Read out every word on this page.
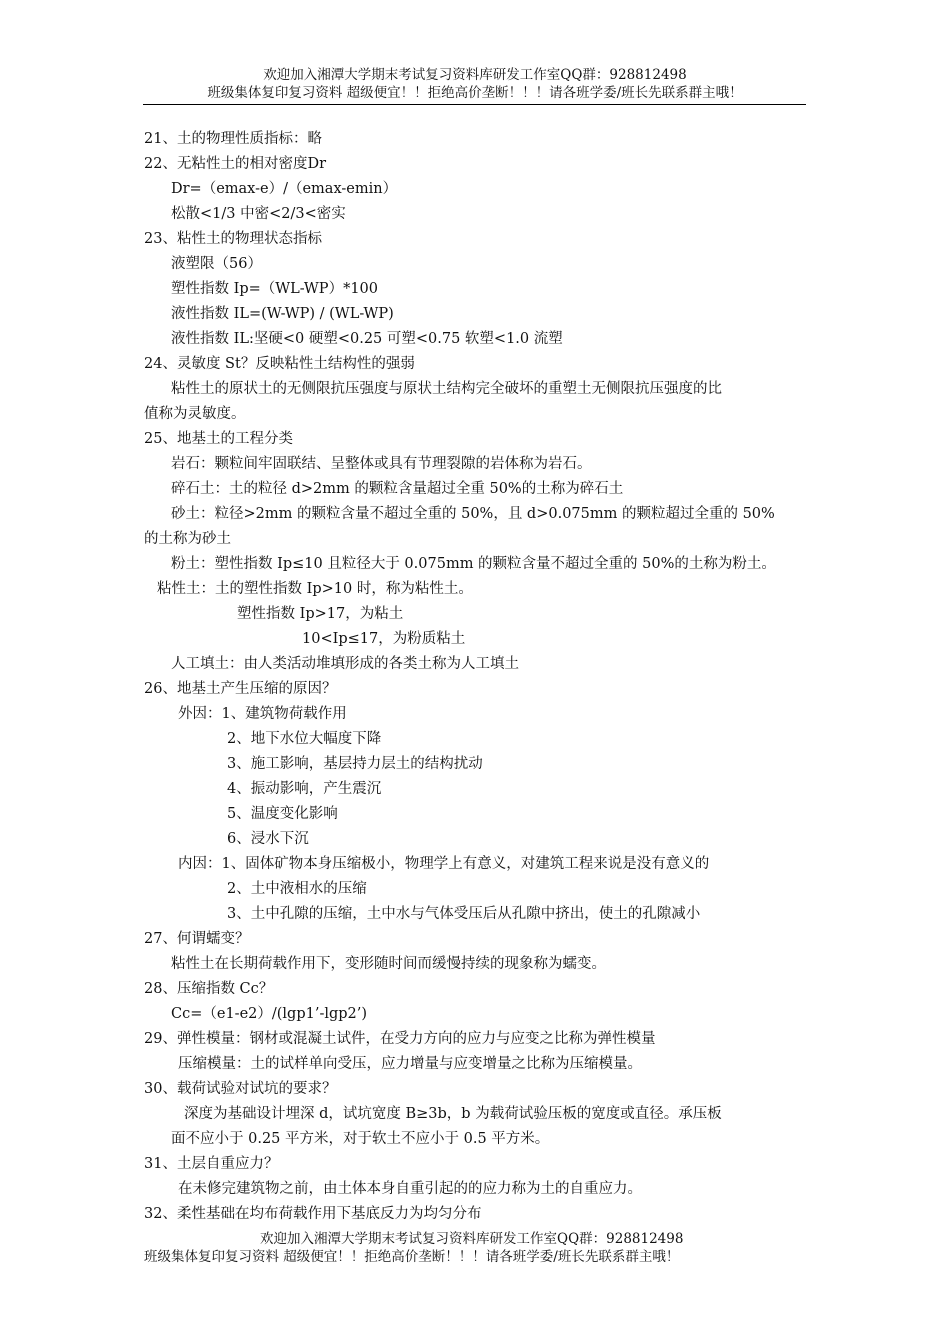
欢迎加入湘潭大学期末考试复习资料库研发工作室QQ群：928812498
班级集体复印复习资料 超级便宜！！拒绝高价垄断！！！请各班学委/班长先联系群主哦！
21、土的物理性质指标：略
22、无粘性土的相对密度Dr
Dr=（emax-e）/（emax-emin）
松散<1/3 中密<2/3<密实
23、粘性土的物理状态指标
液塑限（56）
塑性指数 Ip=（WL-WP）*100
液性指数 IL=(W-WP) / (WL-WP)
液性指数 IL:坚硬<0 硬塑<0.25 可塑<0.75 软塑<1.0 流塑
24、灵敏度 St？反映粘性土结构性的强弱
粘性土的原状土的无侧限抗压强度与原状土结构完全破坏的重塑土无侧限抗压强度的比
值称为灵敏度。
25、地基土的工程分类
岩石：颗粒间牢固联结、呈整体或具有节理裂隙的岩体称为岩石。
碎石土：土的粒径 d>2mm 的颗粒含量超过全重 50%的土称为碎石土
砂土：粒径>2mm 的颗粒含量不超过全重的 50%，且 d>0.075mm 的颗粒超过全重的 50%
的土称为砂土
粉土：塑性指数 Ip≤10 且粒径大于 0.075mm 的颗粒含量不超过全重的 50%的土称为粉土。
粘性土：土的塑性指数 Ip>10 时，称为粘性土。
塑性指数 Ip>17，为粘土
10<Ip≤17，为粉质粘土
人工填土：由人类活动堆填形成的各类土称为人工填土
26、地基土产生压缩的原因？
外因：1、建筑物荷载作用
2、地下水位大幅度下降
3、施工影响，基层持力层土的结构扰动
4、振动影响，产生震沉
5、温度变化影响
6、浸水下沉
内因：1、固体矿物本身压缩极小，物理学上有意义，对建筑工程来说是没有意义的
2、土中液相水的压缩
3、土中孔隙的压缩，土中水与气体受压后从孔隙中挤出，使土的孔隙减小
27、何谓蠕变？
粘性土在长期荷载作用下，变形随时间而缓慢持续的现象称为蠕变。
28、压缩指数 Cc？
Cc=（e1-e2）/(lgp1’-lgp2’)
29、弹性模量：钢材或混凝土试件，在受力方向的应力与应变之比称为弹性模量
压缩模量：土的试样单向受压，应力增量与应变增量之比称为压缩模量。
30、载荷试验对试坑的要求？
深度为基础设计埋深 d，试坑宽度 B≥3b，b 为载荷试验压板的宽度或直径。承压板
面不应小于 0.25 平方米，对于软土不应小于 0.5 平方米。
31、土层自重应力？
在未修完建筑物之前，由土体本身自重引起的的应力称为土的自重应力。
32、柔性基础在均布荷载作用下基底反力为均匀分布
欢迎加入湘潭大学期末考试复习资料库研发工作室QQ群：928812498
班级集体复印复习资料 超级便宜！！拒绝高价垄断！！！请各班学委/班长先联系群主哦！
